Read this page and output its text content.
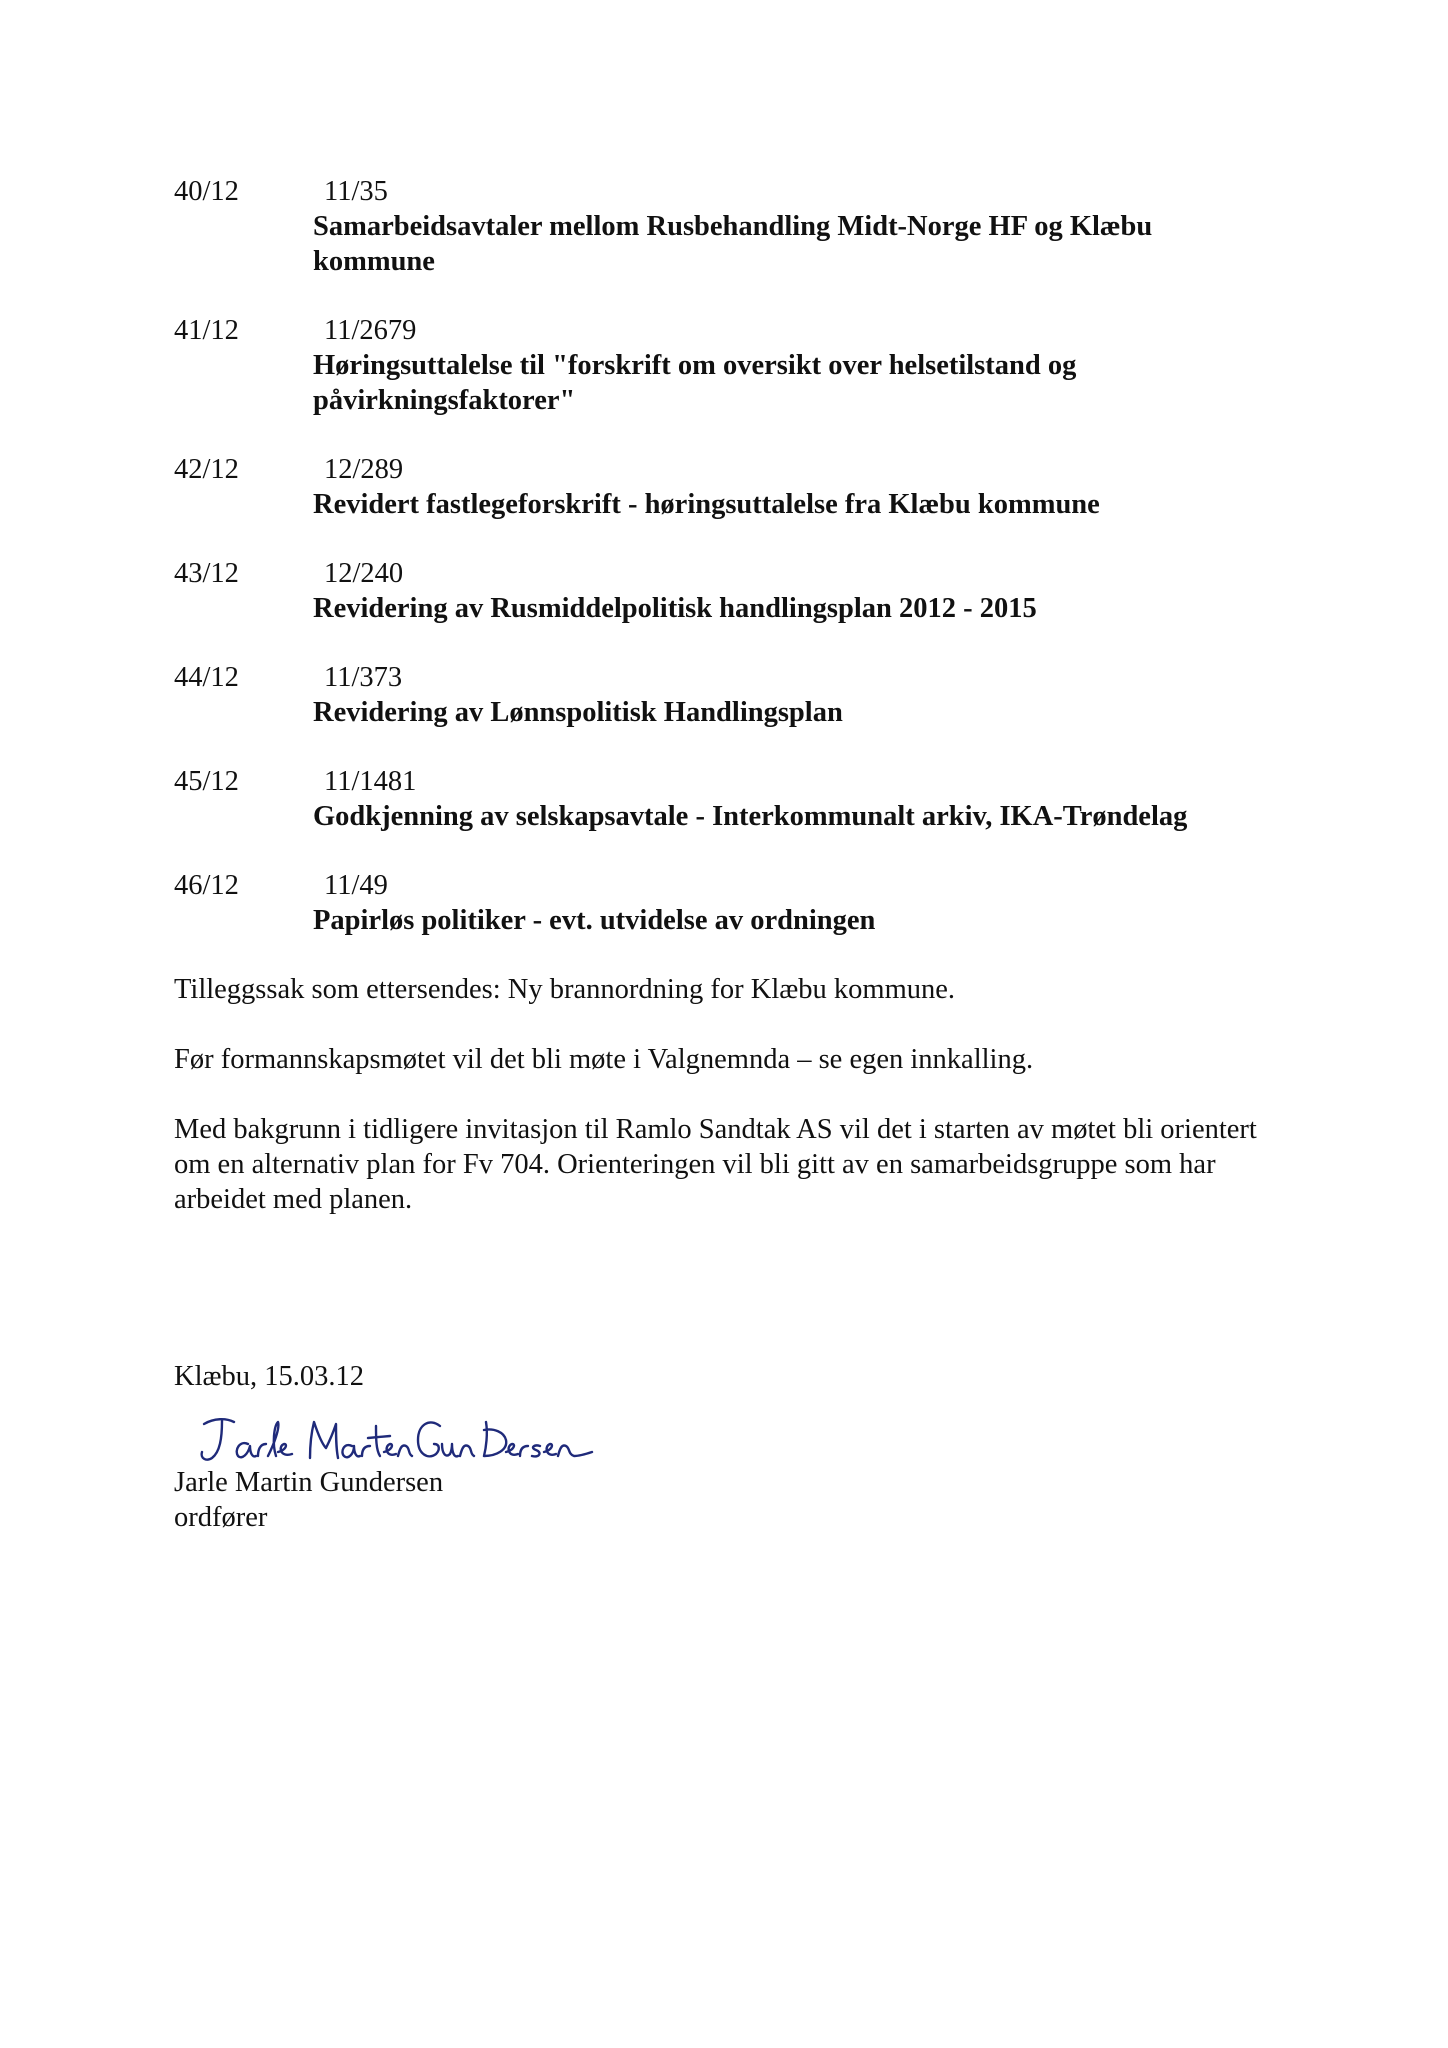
40/12	11/35
Samarbeidsavtaler mellom Rusbehandling Midt-Norge HF og Klæbu kommune
41/12	11/2679
Høringsuttalelse til "forskrift om oversikt over helsetilstand og påvirkningsfaktorer"
42/12	12/289
Revidert fastlegeforskrift - høringsuttalelse fra Klæbu kommune
43/12	12/240
Revidering av Rusmiddelpolitisk handlingsplan 2012 - 2015
44/12	11/373
Revidering av Lønnspolitisk Handlingsplan
45/12	11/1481
Godkjenning av selskapsavtale - Interkommunalt arkiv, IKA-Trøndelag
46/12	11/49
Papirløs politiker - evt. utvidelse av ordningen

Tilleggssak som ettersendes: Ny brannordning for Klæbu kommune.

Før formannskapsmøtet vil det bli møte i Valgnemnda – se egen innkalling.

Med bakgrunn i tidligere invitasjon til Ramlo Sandtak AS vil det i starten av møtet bli orientert om en alternativ plan for Fv 704. Orienteringen vil bli gitt av en samarbeidsgruppe som har arbeidet med planen.

Klæbu, 15.03.12

Jarle Martin Gundersen

ordfører
